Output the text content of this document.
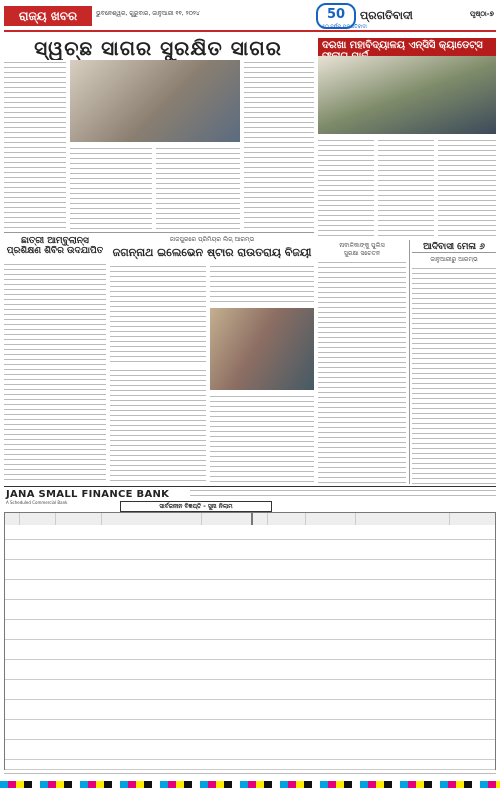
ରାଜ୍ୟ ଖବର	ଭୁବନେଶ୍ୱର, ଗୁରୁବାର, ଜାନୁଆରୀ ୧୧, ୨୦୨୪	50
୫୦ ବର୍ଷର ପ୍ରଗତିବାଦୀ
ପ୍ରଗତିବାଦୀ	ପୃଷ୍ଠା-୭
ସ୍ୱଚ୍ଛ ସାଗର ସୁରକ୍ଷିତ ସାଗର	ଦରଖା ମହାବିଦ୍ୟାଳୟ ଏନ୍‌ସିସି କ୍ୟାଡେଟ୍‌ସ
ଛାତ୍ରୀ ଆମ୍ବୁଲାନ୍ସ ପ୍ରଶିକ୍ଷଣ ଶିବିର ଉଦଯାପିତ
ଜାଜପୁରରେ ପ୍ରିମିୟର ଲିଗ୍‌ ଆରମ୍ଭ
ଜଗନ୍ନାଥ ଇଲେଭେନ ଷ୍ଟାର ରାଉତରାୟ ବିଜୟୀ
ନାବାଳିକାଙ୍କୁ ପୁଲିସ
ସୁରକ୍ଷା ସଚେତନ
ଆଦିବାସୀ ମେଳା ୬
ଜାନୁଆରୀରୁ ଆରମ୍ଭ
JANA SMALL FINANCE BANK
A Scheduled Commercial Bank
ସାର୍ବଜନୀନ ବିଜ୍ଞପ୍ତି - ସୁନା ନିଲାମ
